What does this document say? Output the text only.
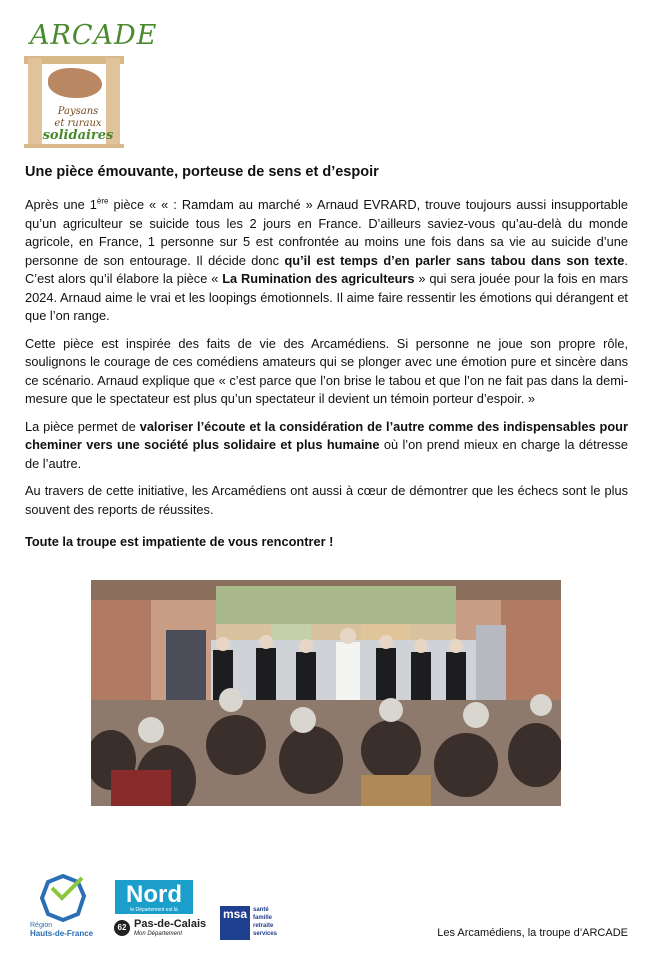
ARCADE
Paysans
et ruraux
solidaires
Une pièce émouvante, porteuse de sens et d’espoir

Après une 1ère pièce « « : Ramdam au marché » Arnaud EVRARD, trouve toujours aussi insupportable qu’un agriculteur se suicide tous les 2 jours en France. D’ailleurs saviez-vous qu’au-delà du monde agricole, en France, 1 personne sur 5 est confrontée au moins une fois dans sa vie au suicide d’une personne de son entourage. Il décide donc qu’il est temps d’en parler sans tabou dans son texte. C’est alors qu’il élabore la pièce « La Rumination des agriculteurs » qui sera jouée pour la fois en mars 2024. Arnaud aime le vrai et les loopings émotionnels. Il aime faire ressentir les émotions qui dérangent et que l’on range.

Cette pièce est inspirée des faits de vie des Arcamédiens. Si personne ne joue son propre rôle, soulignons le courage de ces comédiens amateurs qui se plonger avec une émotion pure et sincère dans ce scénario. Arnaud explique que « c’est parce que l’on brise le tabou et que l’on ne fait pas dans la demi-mesure que le spectateur est plus qu’un spectateur il devient un témoin porteur d’espoir. »

La pièce permet de valoriser l’écoute et la considération de l’autre comme des indispensables pour cheminer vers une société plus solidaire et plus humaine où l’on prend mieux en charge la détresse de l’autre.

Au travers de cette initiative, les Arcamédiens ont aussi à cœur de démontrer que les échecs sont le plus souvent des reports de réussites.

Toute la troupe est impatiente de vous rencontrer !

Région
Hauts-de-France
Nord
le Département est là
62 Pas-de-Calais
Mon Département
msa santé
famille
retraite
services	Les Arcamédiens, la troupe d’ARCADE
